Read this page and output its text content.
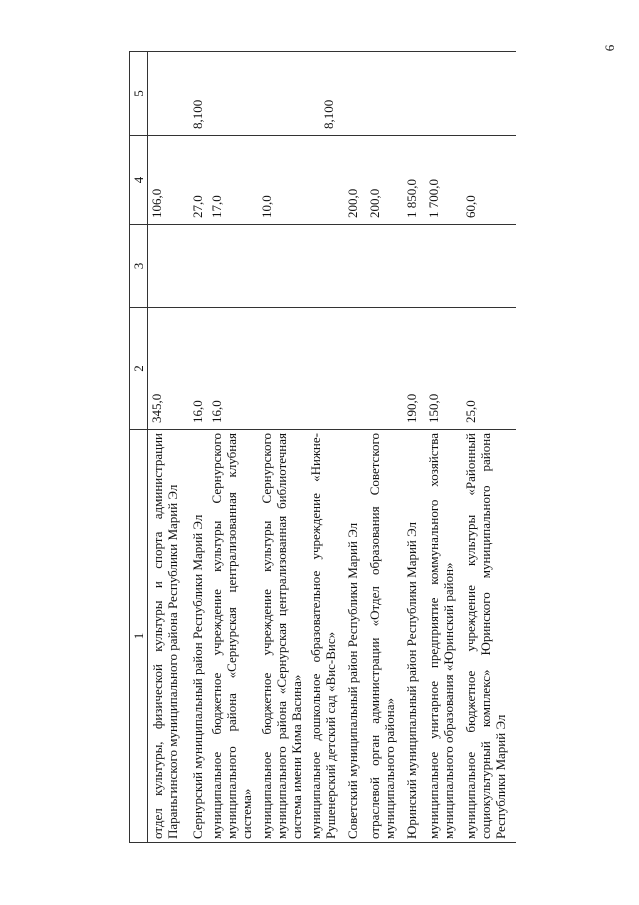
6
1	2	3	4	5
отдел культуры, физической культуры и спорта администрации Параньгинского муниципального района Республики Марий Эл	345,0		106,0	
Сернурский муниципальный район Республики Марий Эл	16,0		27,0	8,100
муниципальное бюджетное учреждение культуры Сернурского муниципального района «Сернурская централизованная клубная система»	16,0		17,0	
муниципальное бюджетное учреждение культуры Сернурского муниципального района «Сернурская централизованная библиотечная система имени Кима Васина»			10,0	
муниципальное дошкольное образовательное учреждение «Нижне-Рушенерский детский сад «Вис-Вис»				8,100
Советский муниципальный район Республики Марий Эл			200,0	
отраслевой орган администрации «Отдел образования Советского муниципального района»			200,0	
Юринский муниципальный район Республики Марий Эл	190,0		1 850,0	
муниципальное унитарное предприятие коммунального хозяйства муниципального образования «Юринский район»	150,0		1 700,0	
муниципальное бюджетное учреждение культуры «Районный социокультурный комплекс» Юринского муниципального района Республики Марий Эл	25,0		60,0	
